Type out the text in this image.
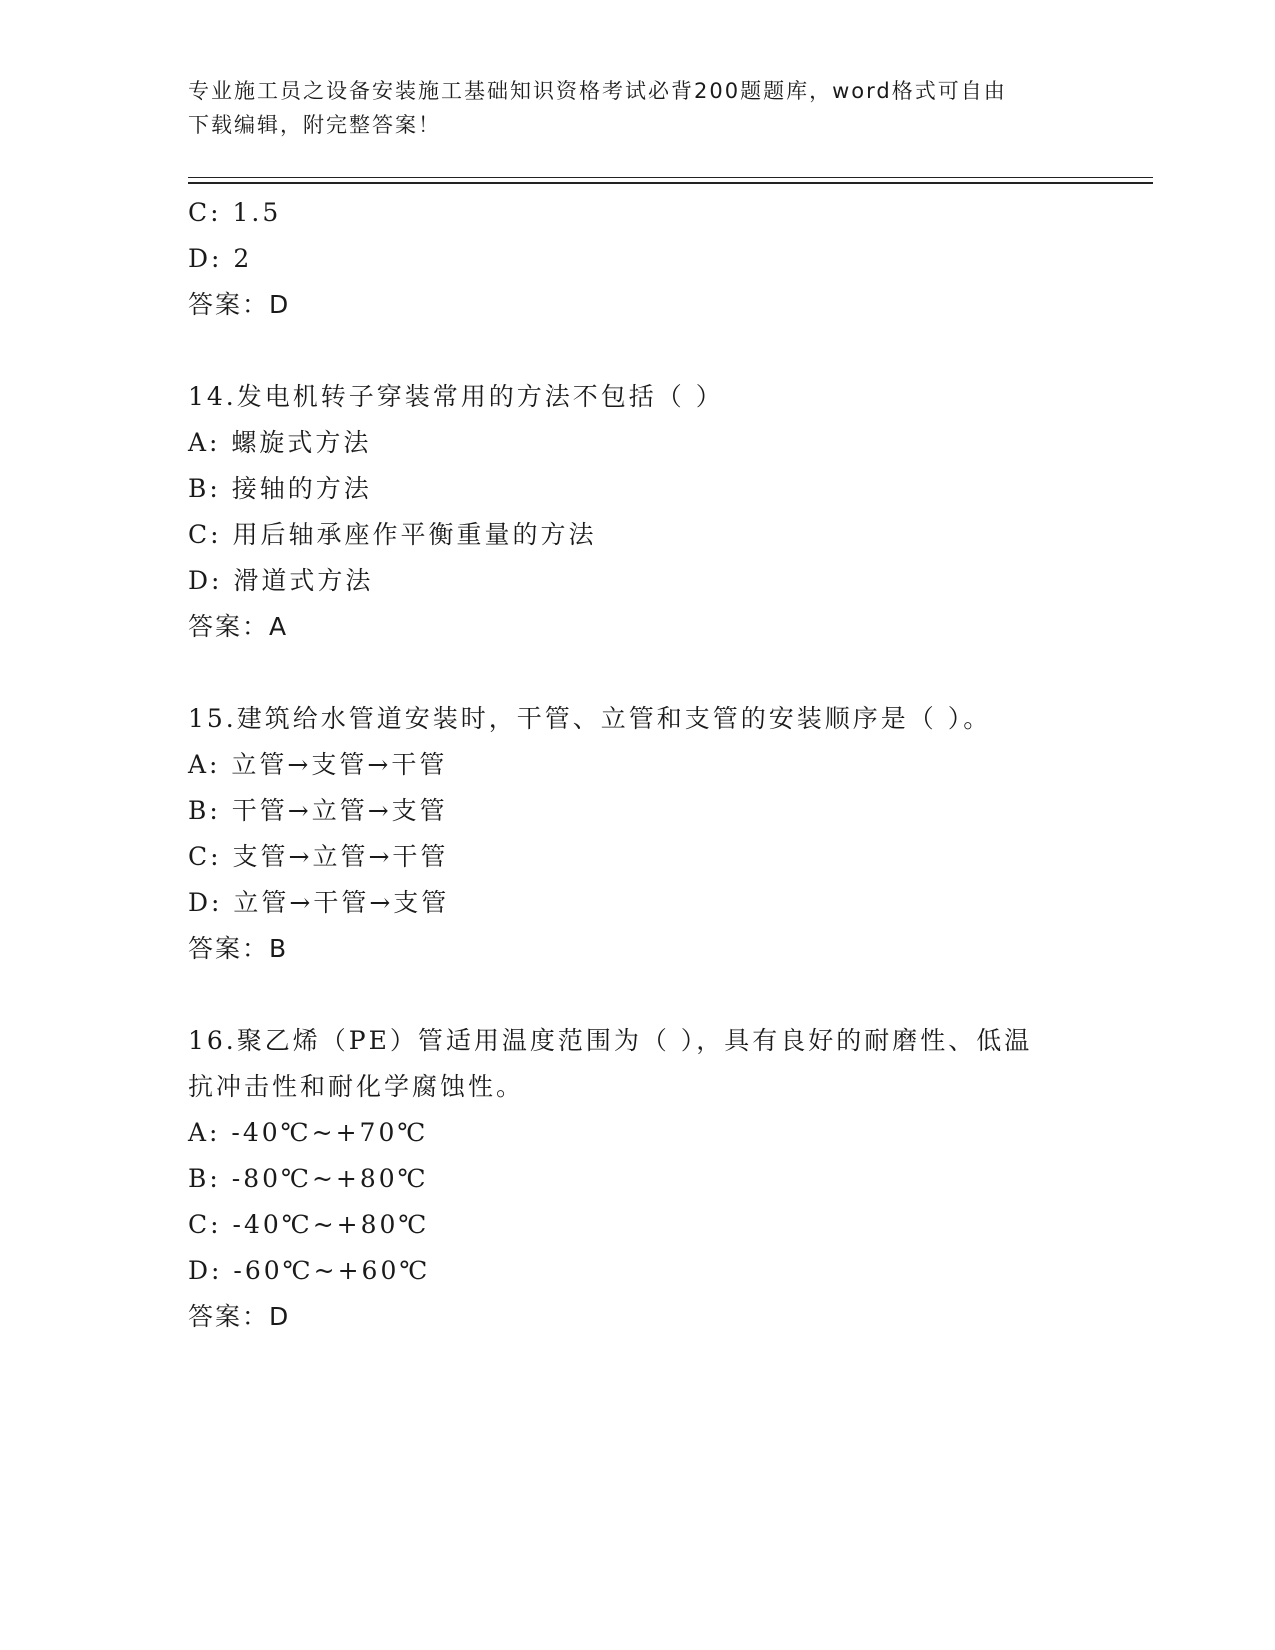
专业施工员之设备安装施工基础知识资格考试必背200题题库，word格式可自由
下载编辑，附完整答案！
C: 1.5
D: 2
答案：D
14.发电机转子穿装常用的方法不包括（ ）
A: 螺旋式方法
B: 接轴的方法
C: 用后轴承座作平衡重量的方法
D: 滑道式方法
答案：A
15.建筑给水管道安装时，干管、立管和支管的安装顺序是（ ）。
A: 立管→支管→干管
B: 干管→立管→支管
C: 支管→立管→干管
D: 立管→干管→支管
答案：B
16.聚乙烯（PE）管适用温度范围为（ ），具有良好的耐磨性、低温
抗冲击性和耐化学腐蚀性。
A: -40℃~+70℃
B: -80℃~+80℃
C: -40℃~+80℃
D: -60℃~+60℃
答案：D
